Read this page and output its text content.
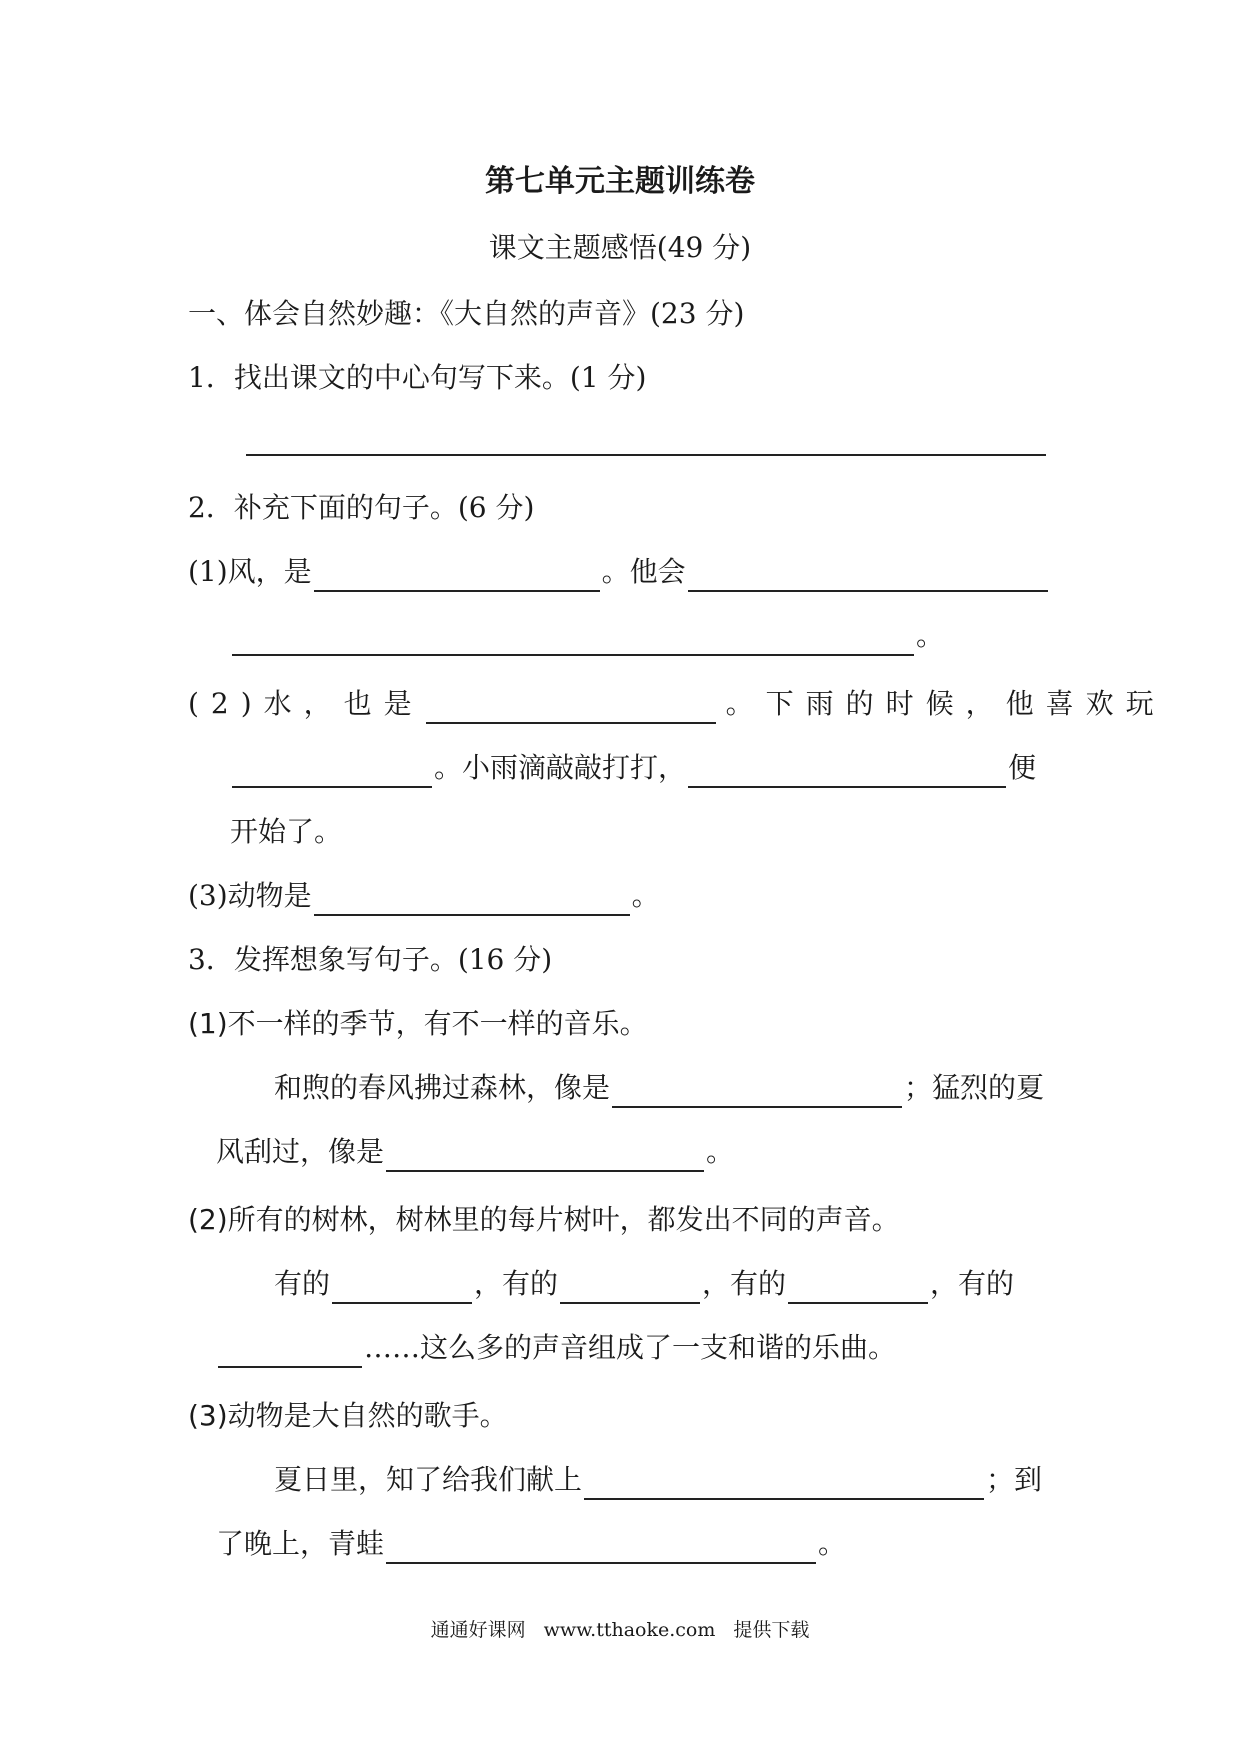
第七单元主题训练卷
课文主题感悟(49 分)
一、体会自然妙趣：《大自然的声音》(23 分)
1．找出课文的中心句写下来。(1 分)
2．补充下面的句子。(6 分)
(1)风，是	。他会
。
(2)水，也是	。下雨的时候，他喜欢玩
。小雨滴敲敲打打，	便
开始了。
(3)动物是	。
3．发挥想象写句子。(16 分)
(1)不一样的季节，有不一样的音乐。
和煦的春风拂过森林，像是	；猛烈的夏
风刮过，像是	。
(2)所有的树林，树林里的每片树叶，都发出不同的声音。
有的	，有的	，有的	，有的
……这么多的声音组成了一支和谐的乐曲。
(3)动物是大自然的歌手。
夏日里，知了给我们献上	；到
了晚上，青蛙	。
通通好课网 www.tthaoke.com 提供下载
